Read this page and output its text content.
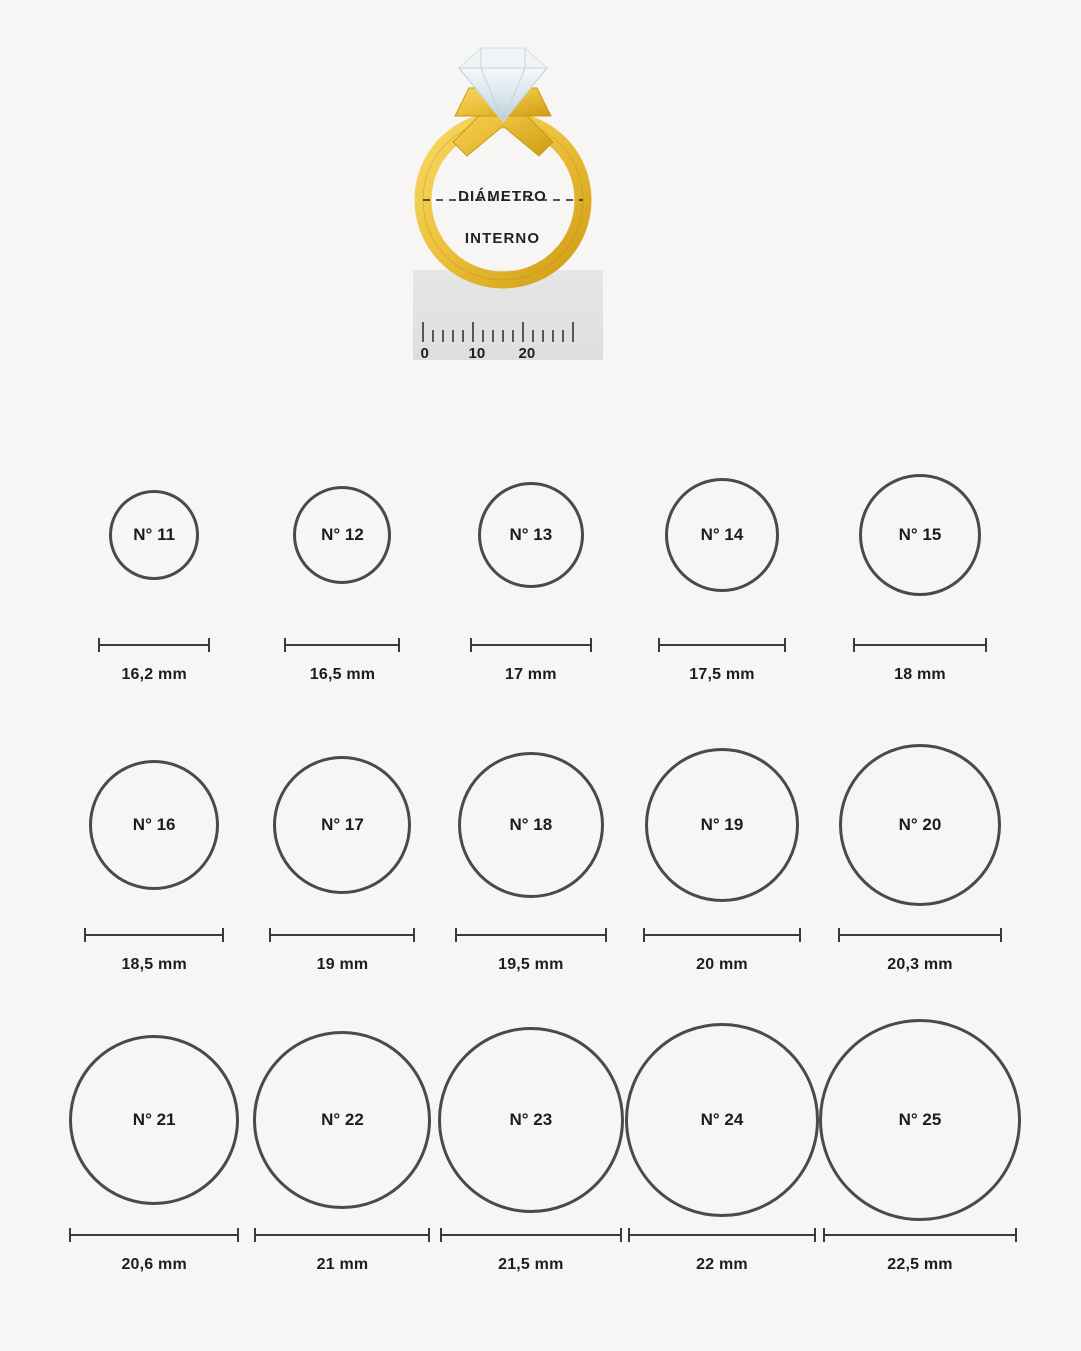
DIÁMETRO
INTERNO
0	10 20
N° 11
16,2 mm
N° 12
16,5 mm
N° 13
17 mm
N° 14
17,5 mm
N° 15
18 mm
N° 16
18,5 mm
N° 17
19 mm
N° 18
19,5 mm
N° 19
20 mm
N° 20
20,3 mm
N° 21
20,6 mm
N° 22
21 mm
N° 23
21,5 mm
N° 24
22 mm
N° 25
22,5 mm
